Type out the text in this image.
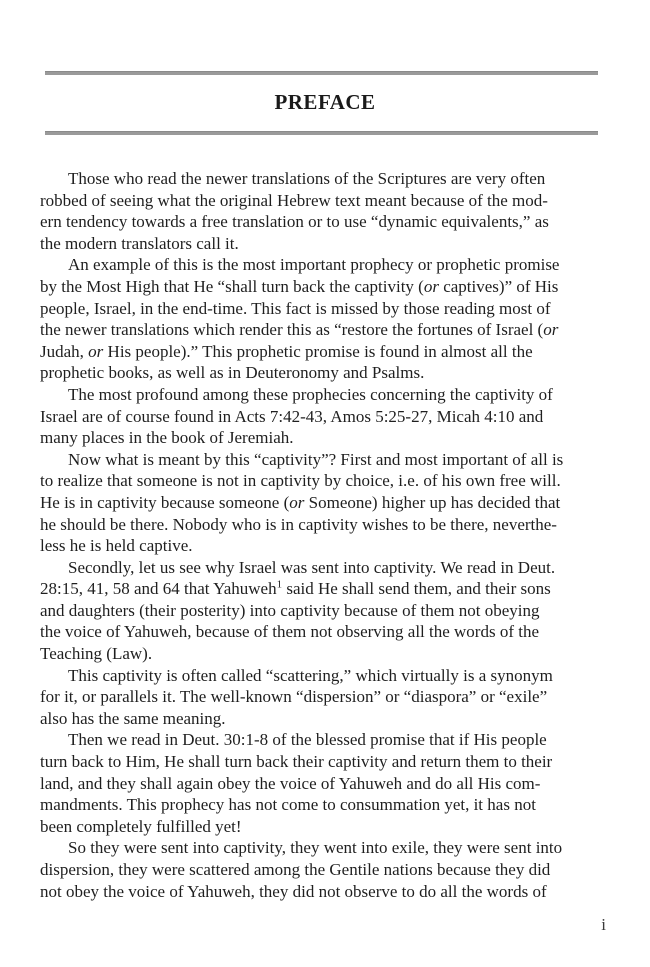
PREFACE

Those who read the newer translations of the Scriptures are very often
robbed of seeing what the original Hebrew text meant because of the mod-
ern tendency towards a free translation or to use “dynamic equivalents,” as
the modern translators call it.

An example of this is the most important prophecy or prophetic promise
by the Most High that He “shall turn back the captivity (or captives)” of His
people, Israel, in the end-time. This fact is missed by those reading most of
the newer translations which render this as “restore the fortunes of Israel (or
Judah, or His people).” This prophetic promise is found in almost all the
prophetic books, as well as in Deuteronomy and Psalms.

The most profound among these prophecies concerning the captivity of
Israel are of course found in Acts 7:42-43, Amos 5:25-27, Micah 4:10 and
many places in the book of Jeremiah.

Now what is meant by this “captivity”? First and most important of all is
to realize that someone is not in captivity by choice, i.e. of his own free will.
He is in captivity because someone (or Someone) higher up has decided that
he should be there. Nobody who is in captivity wishes to be there, neverthe-
less he is held captive.

Secondly, let us see why Israel was sent into captivity. We read in Deut.
28:15, 41, 58 and 64 that Yahuweh$^1$ said He shall send them, and their sons
and daughters (their posterity) into captivity because of them not obeying
the voice of Yahuweh, because of them not observing all the words of the
Teaching (Law).

This captivity is often called “scattering,” which virtually is a synonym
for it, or parallels it. The well-known “dispersion” or “diaspora” or “exile”
also has the same meaning.

Then we read in Deut. 30:1-8 of the blessed promise that if His people
turn back to Him, He shall turn back their captivity and return them to their
land, and they shall again obey the voice of Yahuweh and do all His com-
mandments. This prophecy has not come to consummation yet, it has not
been completely fulfilled yet!

So they were sent into captivity, they went into exile, they were sent into
dispersion, they were scattered among the Gentile nations because they did
not obey the voice of Yahuweh, they did not observe to do all the words of

i
